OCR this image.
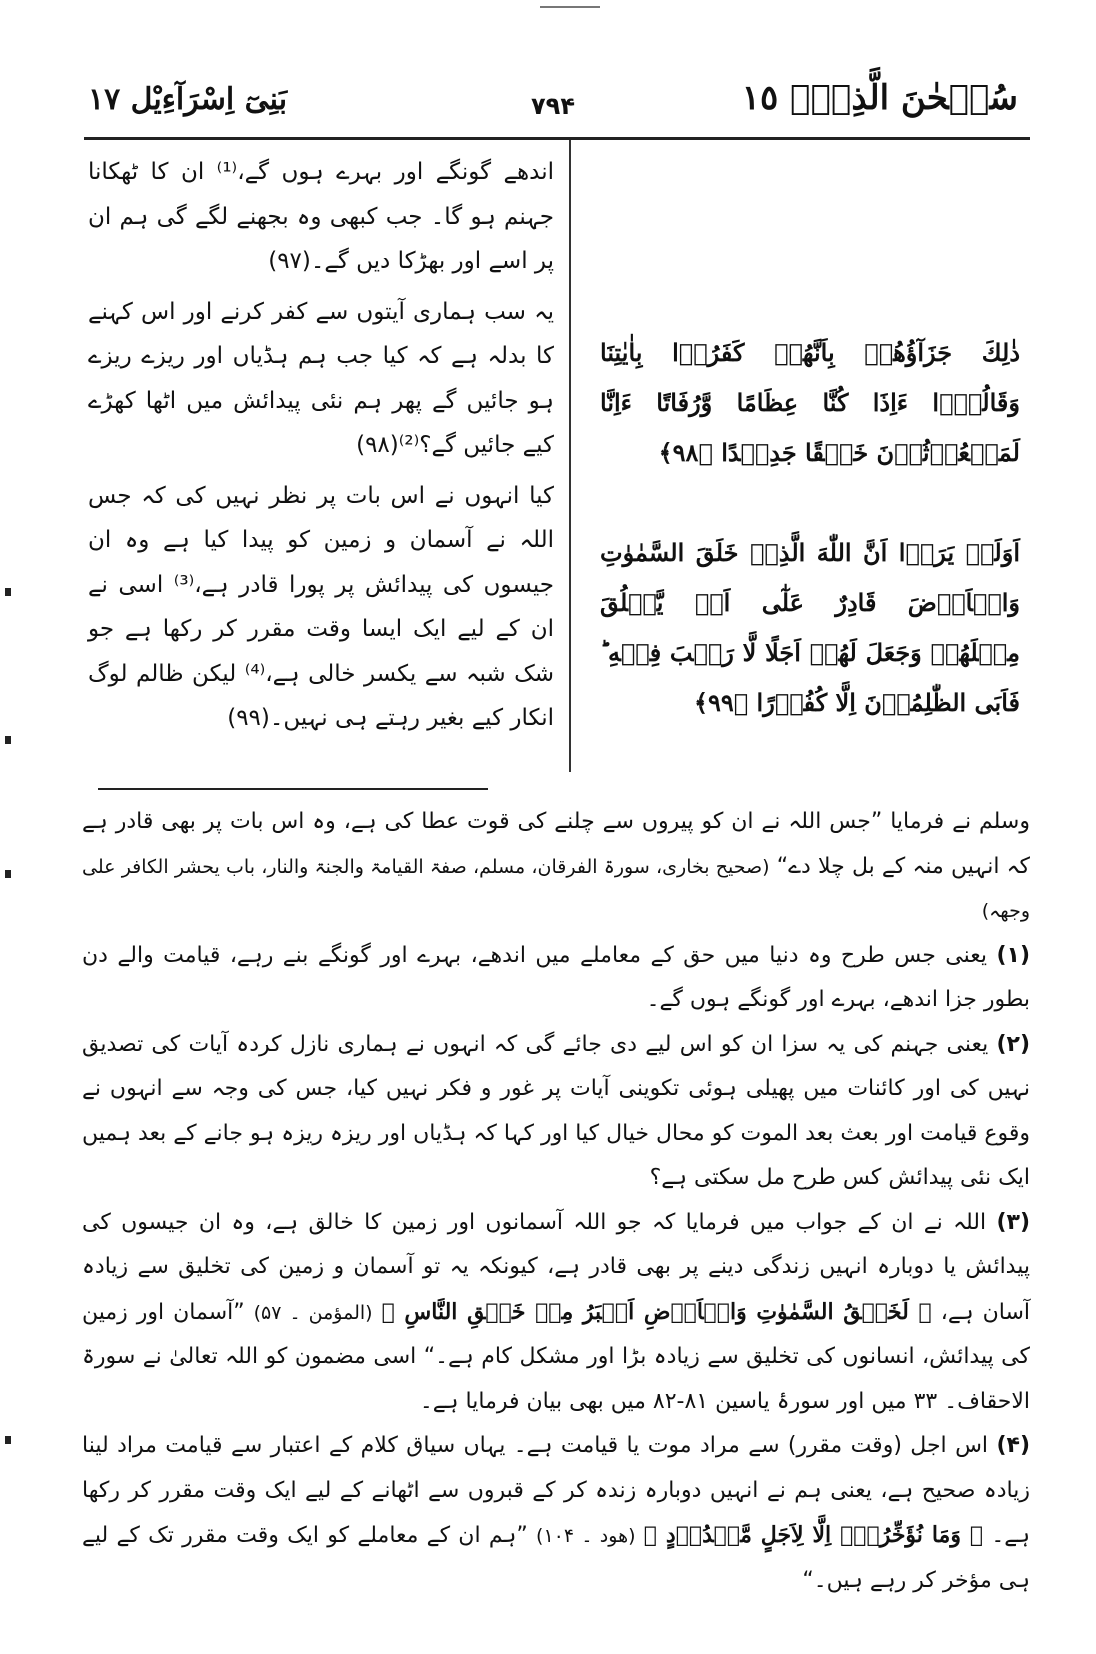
سُبۡحٰنَ الَّذِیۡٓ ١٥
۷۹۴
بَنِیٓ اِسْرَآءِیْل ١٧

اندھے گونگے اور بہرے ہوں گے،⁽¹⁾ ان کا ٹھکانا جہنم ہو گا۔ جب کبھی وہ بجھنے لگے گی ہم ان پر اسے اور بھڑکا دیں گے۔(۹۷)

یہ سب ہماری آیتوں سے کفر کرنے اور اس کہنے کا بدلہ ہے کہ کیا جب ہم ہڈیاں اور ریزے ریزے ہو جائیں گے پھر ہم نئی پیدائش میں اٹھا کھڑے کیے جائیں گے؟⁽²⁾(۹۸)

کیا انہوں نے اس بات پر نظر نہیں کی کہ جس اللہ نے آسمان و زمین کو پیدا کیا ہے وہ ان جیسوں کی پیدائش پر پورا قادر ہے،⁽³⁾ اسی نے ان کے لیے ایک ایسا وقت مقرر کر رکھا ہے جو شک شبہ سے یکسر خالی ہے،⁽⁴⁾ لیکن ظالم لوگ انکار کیے بغیر رہتے ہی نہیں۔(۹۹)

ذٰلِكَ جَزَآؤُهُمۡ بِاَنَّهُمۡ كَفَرُوۡا بِاٰيٰتِنَا وَقَالُوۡۤا ءَاِذَا كُنَّا عِظَامًا وَّرُفَاتًا ءَاِنَّا لَمَبۡعُوۡثُوۡنَ خَلۡقًا جَدِيۡدًا ﴿۹۸﴾
اَوَلَمۡ يَرَوۡا اَنَّ اللّٰهَ الَّذِىۡ خَلَقَ السَّمٰوٰتِ وَالۡاَرۡضَ قَادِرٌ عَلٰٓى اَنۡ يَّخۡلُقَ مِثۡلَهُمۡ وَجَعَلَ لَهُمۡ اَجَلًا لَّا رَيۡبَ فِيۡهِ ؕ فَاَبَى الظّٰلِمُوۡنَ اِلَّا كُفُوۡرًا ﴿۹۹﴾

وسلم نے فرمایا ”جس اللہ نے ان کو پیروں سے چلنے کی قوت عطا کی ہے، وہ اس بات پر بھی قادر ہے کہ انہیں منہ کے بل چلا دے“ (صحیح بخاری، سورۃ الفرقان، مسلم، صفۃ القیامۃ والجنۃ والنار، باب یحشر الکافر علی وجھہ)

(۱) یعنی جس طرح وہ دنیا میں حق کے معاملے میں اندھے، بہرے اور گونگے بنے رہے، قیامت والے دن بطور جزا اندھے، بہرے اور گونگے ہوں گے۔

(۲) یعنی جہنم کی یہ سزا ان کو اس لیے دی جائے گی کہ انہوں نے ہماری نازل کردہ آیات کی تصدیق نہیں کی اور کائنات میں پھیلی ہوئی تکوینی آیات پر غور و فکر نہیں کیا، جس کی وجہ سے انہوں نے وقوع قیامت اور بعث بعد الموت کو محال خیال کیا اور کہا کہ ہڈیاں اور ریزہ ریزہ ہو جانے کے بعد ہمیں ایک نئی پیدائش کس طرح مل سکتی ہے؟

(۳) اللہ نے ان کے جواب میں فرمایا کہ جو اللہ آسمانوں اور زمین کا خالق ہے، وہ ان جیسوں کی پیدائش یا دوبارہ انہیں زندگی دینے پر بھی قادر ہے، کیونکہ یہ تو آسمان و زمین کی تخلیق سے زیادہ آسان ہے، ﴿ لَخَلۡقُ السَّمٰوٰتِ وَالۡاَرۡضِ اَكۡبَرُ مِنۡ خَلۡقِ النَّاسِ ﴾ (المؤمن ۔ ۵۷) ”آسمان اور زمین کی پیدائش، انسانوں کی تخلیق سے زیادہ بڑا اور مشکل کام ہے۔“ اسی مضمون کو اللہ تعالیٰ نے سورۃ الاحقاف۔ ۳۳ میں اور سورۂ یاسین ۸۱-۸۲ میں بھی بیان فرمایا ہے۔

(۴) اس اجل (وقت مقرر) سے مراد موت یا قیامت ہے۔ یہاں سیاق کلام کے اعتبار سے قیامت مراد لینا زیادہ صحیح ہے، یعنی ہم نے انہیں دوبارہ زندہ کر کے قبروں سے اٹھانے کے لیے ایک وقت مقرر کر رکھا ہے۔ ﴿ وَمَا نُؤَخِّرُهٗۤ اِلَّا لِاَجَلٍ مَّعۡدُوۡدٍ ﴾ (ھود ۔ ۱۰۴) ”ہم ان کے معاملے کو ایک وقت مقرر تک کے لیے ہی مؤخر کر رہے ہیں۔“
